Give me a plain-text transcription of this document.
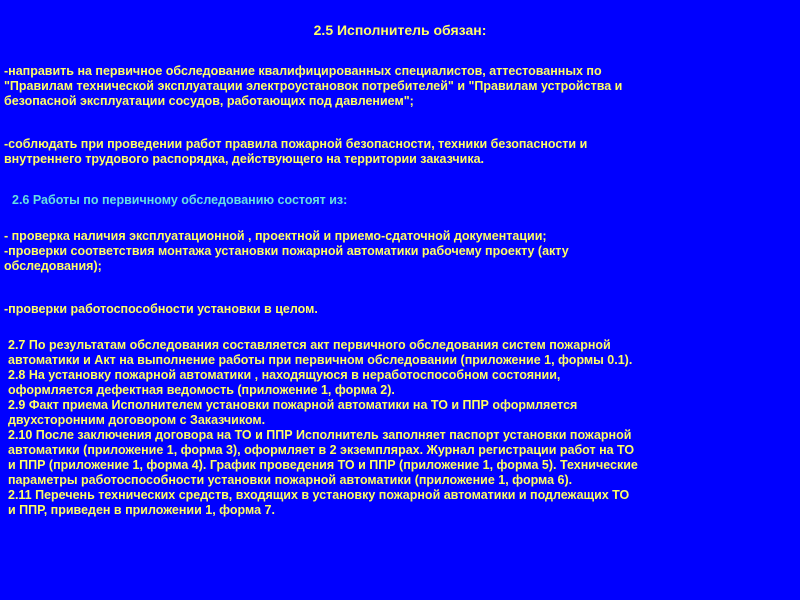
2.5 Исполнитель обязан:
-направить на первичное обследование квалифицированных специалистов, аттестованных по
"Правилам технической эксплуатации электроустановок потребителей" и "Правилам устройства и
безопасной эксплуатации сосудов, работающих под давлением";
-соблюдать при проведении работ правила пожарной безопасности, техники безопасности и
внутреннего трудового распорядка, действующего на территории заказчика.
2.6 Работы по первичному обследованию состоят из:
- проверка наличия эксплуатационной , проектной и приемо-сдаточной документации;
-проверки соответствия монтажа установки пожарной автоматики рабочему проекту (акту
обследования);
-проверки работоспособности установки в целом.
2.7 По результатам обследования составляется акт первичного обследования систем пожарной
автоматики и Акт на выполнение работы при первичном обследовании (приложение 1, формы 0.1).
2.8 На установку пожарной автоматики , находящуюся в неработоспособном состоянии,
оформляется дефектная ведомость (приложение 1, форма 2).
2.9 Факт приема Исполнителем установки пожарной автоматики на ТО и ППР оформляется
двухсторонним договором с Заказчиком.
2.10 После заключения договора на ТО и ППР Исполнитель заполняет паспорт установки пожарной
автоматики (приложение 1, форма 3), оформляет в 2 экземплярах. Журнал регистрации работ на ТО
и ППР (приложение 1, форма 4). График проведения ТО и ППР (приложение 1, форма 5). Технические
параметры работоспособности установки пожарной автоматики (приложение 1, форма 6).
2.11 Перечень технических средств, входящих в установку пожарной автоматики и подлежащих ТО
и ППР, приведен в приложении 1, форма 7.
